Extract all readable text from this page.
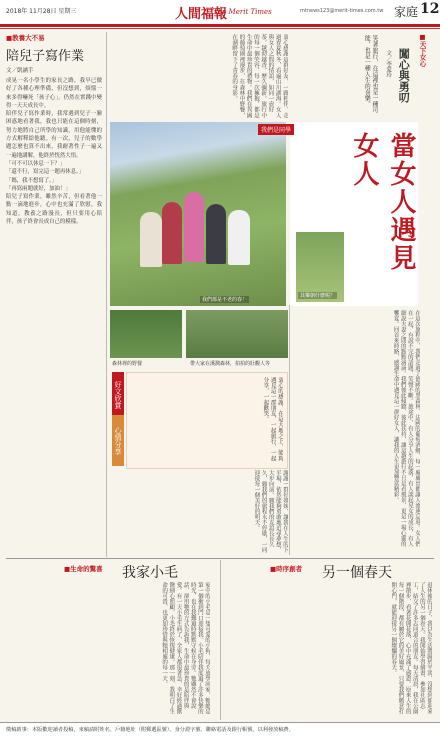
2018年 11月28日 星期三	人間福報
The Merit Times	mtnews123@merit-times.com.tw 家庭 12
■教養大不易
陪兒子寫作業
文／凱涵手
成晃一名小學生的家長之路，我早已做好了各種心理準備，但沒想到，煩惱一來多得嚇死「孩子心」。仍然在實踐中變得一天天成長中。
陪伴兒子寫作業時，我常遇到兒子一臉困惑地看著我，我也只能在這個時刻，努力地將自己所學的知識，用他能懂的方式解釋給他聽。有一次，兒子的數學題怎麼也算不出來，我耐著性子一遍又一遍地講解，他終於恍然大悟。
「可不可以休息一下？」
「還不行，寫完這一題再休息。」
「媽，我不想寫了。」
「再寫兩題就好，加油！」
陪兒子寫作業，雖然辛苦，但看著他一點一滴地進步，心中也充滿了欣慰。我知道，教養之路漫長，但只要用心陪伴，孩子終會長成自己的模樣。
■天下女心
闖心與勇叨
文／李愛玲
笑著旅行，在這裡也是一種可能，也是一種人生的喜樂。
衷心感謝這群好友，一路相伴，走過春夏秋冬，看遍山川湖海。女人與女人之間的情誼，如同一壺好茶，越沏越香，歷久彌新。旅行中的每一個笑容、每一次擁抱，都是生命中最珍貴的禮物。我們在異國的葡萄園裡漫步，在森林中野餐，在湖畔留下了青春的身影。
我們都是不老的春！
當女人遇見女人
其樂朝什麼呢？
我們是同學
森林裡的野餐	帶大家在溪澗森林，拍拍的壯觀人等	在這次旅程中，我們走過了德國的黑森林、法國的葡萄酒鄉，每一處風景都讓人流連忘返。女人們在一起，有說不完的話題，笑聲不斷。旅途中，有人分享人生的起落，有人談起兒女的成長，有人細說夫妻之間的點點滴滴。我們彼此傾聽、彼此扶持，讓這趟旅行不只是看風景，更是一場心靈的饗宴。回首來時路，感謝生命中遇見這一群好女人，讓我的人生更加豐富精彩。
好文欣賞
心情分享	衷心的感謝，在這大地之上，能夠遇見這一群朋友，一起旅行，一起分享，一起歡笑。
謝謝一群好姐妹，讓我在人生的下半場，依然能夠勇敢地追尋夢想，大步向前。願我們的友誼長長久久，願我們的旅程永不停歇，一同迎接每一個美好的明天。
■生命的驚喜 我家小毛
家中的小毛是一隻可愛的小狗，每天放學回家，牠總是第一個衝到門口迎接我。小毛陪伴我度過了許多快樂的時光，也在我難過時默默守候在身旁。牠雖然不會說話，卻用牠的方式告訴我，生命中最珍貴的是陪伴與愛。有一天小毛生病了，全家人都很著急，幸好經過獸醫細心照顧，小毛終於恢復健康。那一刻，我明白了生命的可貴，也更加珍惜與牠相處的每一天。
■時序創者 另一個春天
退休後的日子，我以為生活將歸於平淡，沒想到卻迎來了人生的另一個春天。我開始學習繪畫、參加社區志工，結交了許多志同道合的朋友。每天清晨，我在公園裡散步，看著花開花落，心中充滿了感恩。原來人生的每一個階段，都有屬於它的美好風景，只要我們願意打開心門，就能迎接另一個燦爛的春天。
徵稿啟事：本版歡迎讀者投稿，來稿請附姓名、戶籍地址（附郵遞區號）、身分證字號、聯絡電話及銀行帳號，以利發放稿費。
